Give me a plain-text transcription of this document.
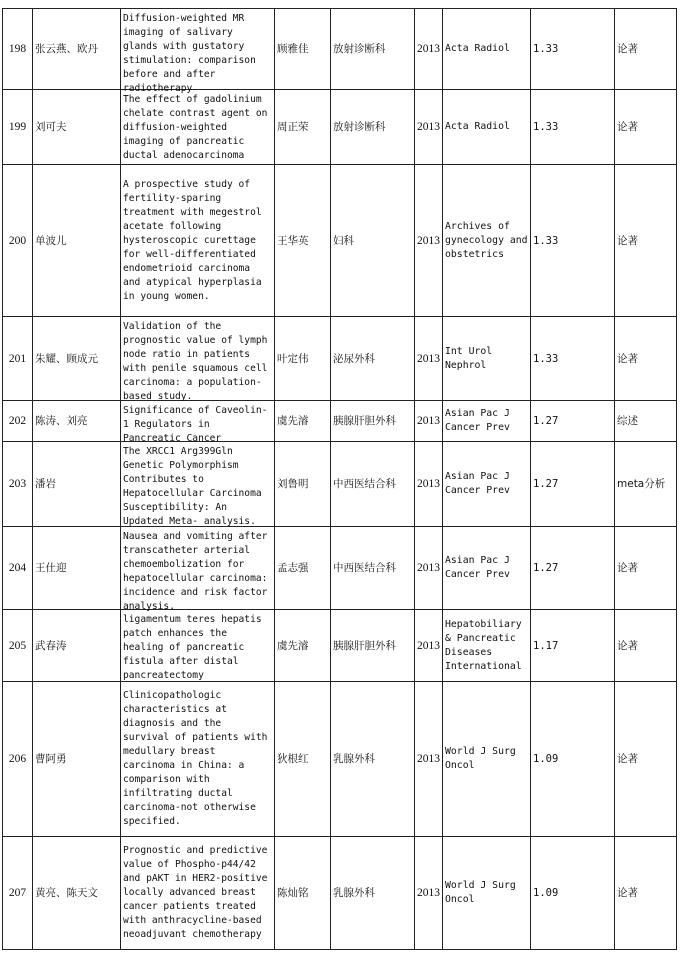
198	张云燕、欧丹	Diffusion-weighted MR imaging of salivary glands with gustatory stimulation: comparison before and after radiotherapy	顾雅佳	放射诊断科	2013	Acta Radiol	1.33	论著
199	刘可夫	The effect of gadolinium chelate contrast agent on diffusion-weighted imaging of pancreatic ductal adenocarcinoma	周正荣	放射诊断科	2013	Acta Radiol	1.33	论著
200	单波儿	A prospective study of fertility-sparing treatment with megestrol acetate following hysteroscopic curettage for well-differentiated endometrioid carcinoma and atypical hyperplasia in young women.	王华英	妇科	2013	Archives of gynecology and obstetrics	1.33	论著
201	朱耀、顾成元	Validation of the prognostic value of lymph node ratio in patients with penile squamous cell carcinoma: a population-based study.	叶定伟	泌尿外科	2013	Int Urol Nephrol	1.33	论著
202	陈涛、刘亮	Significance of Caveolin-1 Regulators in Pancreatic Cancer	虞先濬	胰腺肝胆外科	2013	Asian Pac J Cancer Prev	1.27	综述
203	潘岩	The XRCC1 Arg399Gln Genetic Polymorphism Contributes to Hepatocellular Carcinoma Susceptibility: An Updated Meta- analysis.	刘鲁明	中西医结合科	2013	Asian Pac J Cancer Prev	1.27	meta分析
204	王仕迎	Nausea and vomiting after transcatheter arterial chemoembolization for hepatocellular carcinoma: incidence and risk factor analysis.	孟志强	中西医结合科	2013	Asian Pac J Cancer Prev	1.27	论著
205	武春涛	ligamentum teres hepatis patch enhances the healing of pancreatic fistula after distal pancreatectomy	虞先濬	胰腺肝胆外科	2013	Hepatobiliary & Pancreatic Diseases International	1.17	论著
206	曹阿勇	Clinicopathologic characteristics at diagnosis and the survival of patients with medullary breast carcinoma in China: a comparison with infiltrating ductal carcinoma-not otherwise specified.	狄根红	乳腺外科	2013	World J Surg Oncol	1.09	论著
207	黄亮、陈天文	Prognostic and predictive value of Phospho-p44/42 and pAKT in HER2-positive locally advanced breast cancer patients treated with anthracycline-based neoadjuvant chemotherapy	陈灿铭	乳腺外科	2013	World J Surg Oncol	1.09	论著
